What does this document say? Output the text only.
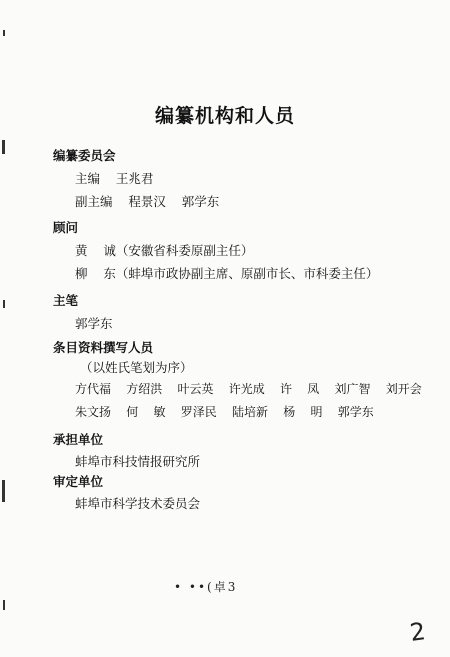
编纂机构和人员
编纂委员会
主编    王兆君
副主编    程景汉    郭学东
顾问
黄    诚（安徽省科委原副主任）
柳    东（蚌埠市政协副主席、原副市长、市科委主任）
主笔
郭学东
条目资料撰写人员
（以姓氏笔划为序）
方代福    方绍洪    叶云英    许光成    许    凤    刘广智    刘开会
朱文扬    何    敏    罗泽民    陆培新    杨    明    郭学东
承担单位
蚌埠市科技情报研究所
审定单位
蚌埠市科学技术委员会
• ••(卓3
2
